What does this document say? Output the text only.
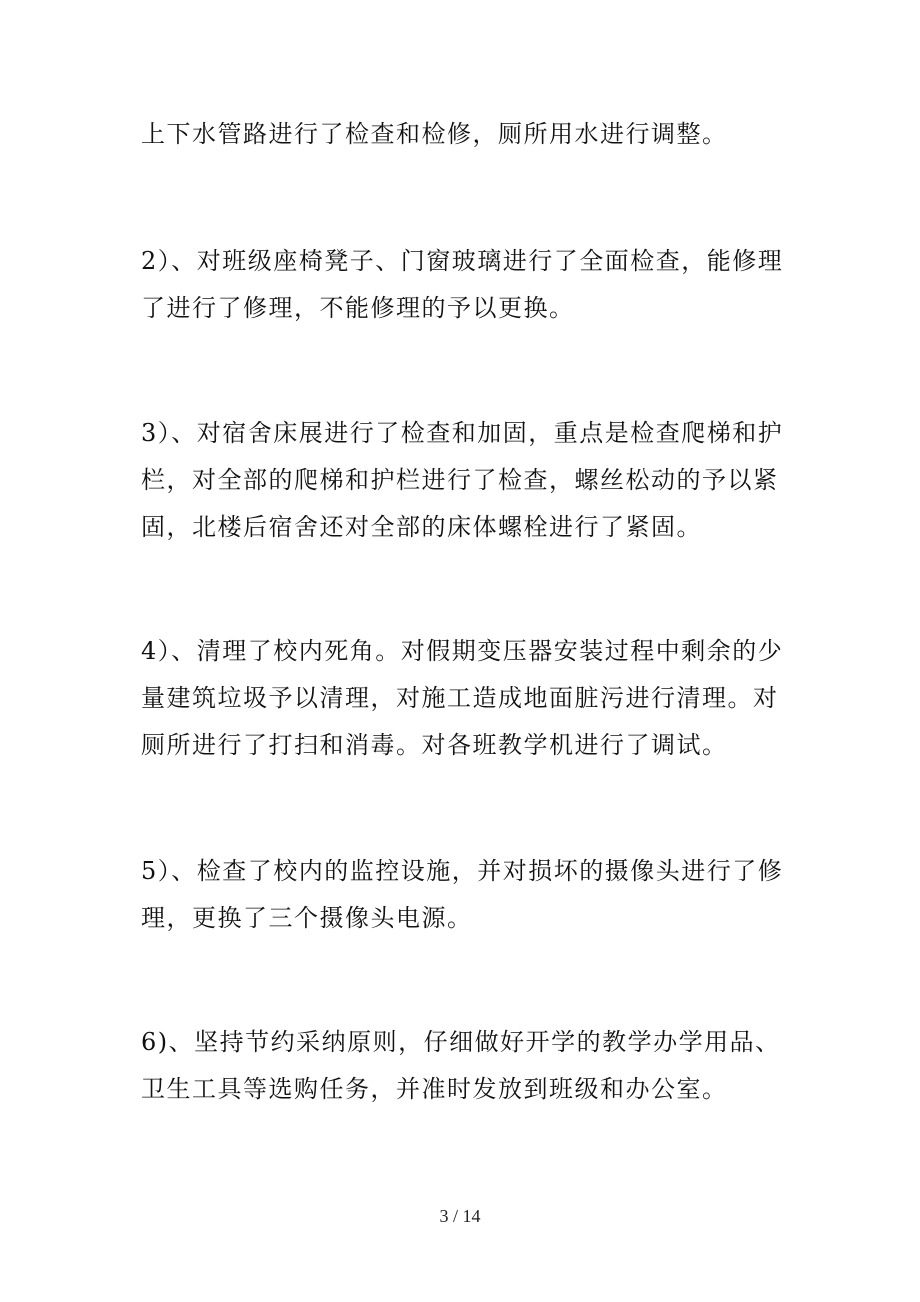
上下水管路进行了检查和检修，厕所用水进行调整。
2）、对班级座椅凳子、门窗玻璃进行了全面检查，能修理
了进行了修理，不能修理的予以更换。
3）、对宿舍床展进行了检查和加固，重点是检查爬梯和护
栏，对全部的爬梯和护栏进行了检查，螺丝松动的予以紧
固，北楼后宿舍还对全部的床体螺栓进行了紧固。
4）、清理了校内死角。对假期变压器安装过程中剩余的少
量建筑垃圾予以清理，对施工造成地面脏污进行清理。对
厕所进行了打扫和消毒。对各班教学机进行了调试。
5）、检查了校内的监控设施，并对损坏的摄像头进行了修
理，更换了三个摄像头电源。
6)、坚持节约采纳原则，仔细做好开学的教学办学用品、
卫生工具等选购任务，并准时发放到班级和办公室。
3 / 14
